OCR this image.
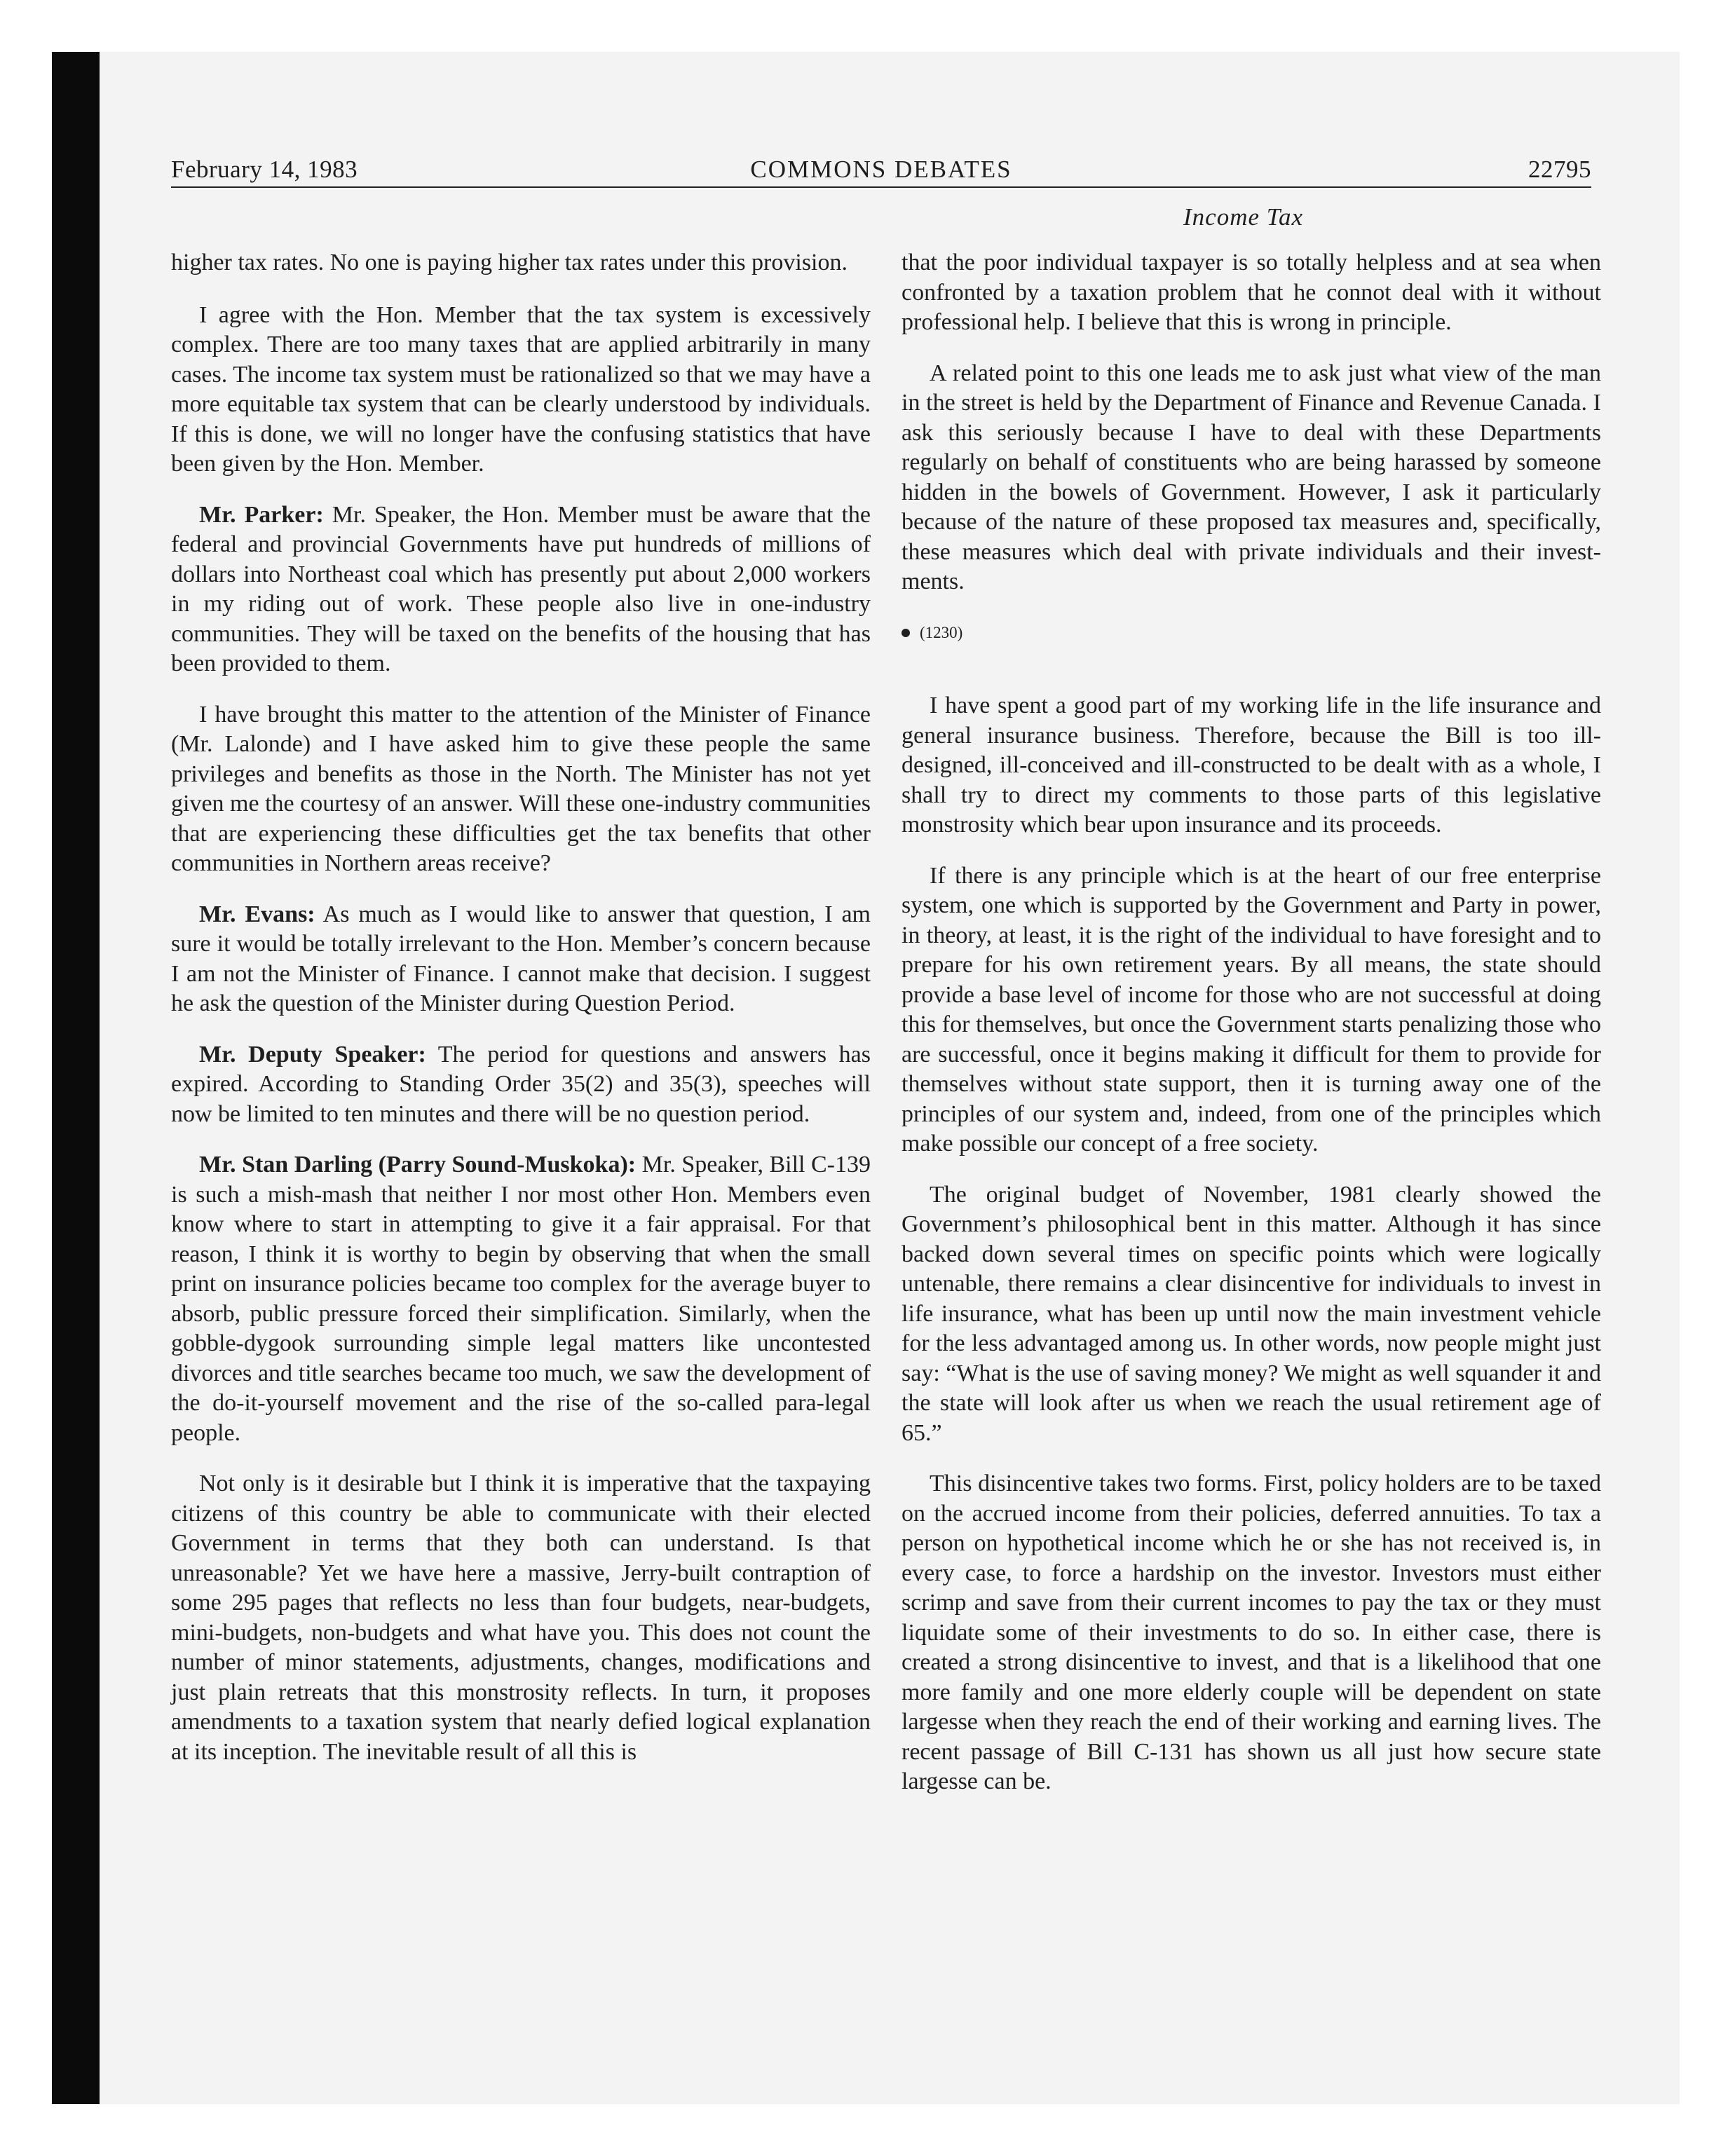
February 14, 1983	COMMONS DEBATES	22795
Income Tax

higher tax rates. No one is paying higher tax rates under this provision.

I agree with the Hon. Member that the tax system is excessively complex. There are too many taxes that are applied arbitrarily in many cases. The income tax system must be rationalized so that we may have a more equitable tax system that can be clearly understood by individuals. If this is done, we will no longer have the confusing statistics that have been given by the Hon. Member.

Mr. Parker: Mr. Speaker, the Hon. Member must be aware that the federal and provincial Governments have put hundreds of millions of dollars into Northeast coal which has presently put about 2,000 workers in my riding out of work. These people also live in one-industry communities. They will be taxed on the benefits of the housing that has been provided to them.

I have brought this matter to the attention of the Minister of Finance (Mr. Lalonde) and I have asked him to give these people the same privileges and benefits as those in the North. The Minister has not yet given me the courtesy of an answer. Will these one-industry communities that are experiencing these difficulties get the tax benefits that other communities in Northern areas receive?

Mr. Evans: As much as I would like to answer that question, I am sure it would be totally irrelevant to the Hon. Member’s concern because I am not the Minister of Finance. I cannot make that decision. I suggest he ask the question of the Minister during Question Period.

Mr. Deputy Speaker: The period for questions and answers has expired. According to Standing Order 35(2) and 35(3), speeches will now be limited to ten minutes and there will be no question period.

Mr. Stan Darling (Parry Sound-Muskoka): Mr. Speaker, Bill C-139 is such a mish-mash that neither I nor most other Hon. Members even know where to start in attempting to give it a fair appraisal. For that reason, I think it is worthy to begin by observing that when the small print on insurance policies became too complex for the average buyer to absorb, public pressure forced their simplification. Similarly, when the gobble-dygook surrounding simple legal matters like uncontested divorces and title searches became too much, we saw the development of the do-it-yourself movement and the rise of the so-called para-legal people.

Not only is it desirable but I think it is imperative that the taxpaying citizens of this country be able to communicate with their elected Government in terms that they both can understand. Is that unreasonable? Yet we have here a massive, Jerry-built contraption of some 295 pages that reflects no less than four budgets, near-budgets, mini-budgets, non-budgets and what have you. This does not count the number of minor statements, adjustments, changes, modifications and just plain retreats that this monstrosity reflects. In turn, it proposes amendments to a taxation system that nearly defied logical explanation at its inception. The inevitable result of all this is

that the poor individual taxpayer is so totally helpless and at sea when confronted by a taxation problem that he connot deal with it without professional help. I believe that this is wrong in principle.

A related point to this one leads me to ask just what view of the man in the street is held by the Department of Finance and Revenue Canada. I ask this seriously because I have to deal with these Departments regularly on behalf of constituents who are being harassed by someone hidden in the bowels of Government. However, I ask it particularly because of the nature of these proposed tax measures and, specifically, these measures which deal with private individuals and their investments.

(1230)

I have spent a good part of my working life in the life insurance and general insurance business. Therefore, because the Bill is too ill-designed, ill-conceived and ill-constructed to be dealt with as a whole, I shall try to direct my comments to those parts of this legislative monstrosity which bear upon insurance and its proceeds.

If there is any principle which is at the heart of our free enterprise system, one which is supported by the Government and Party in power, in theory, at least, it is the right of the individual to have foresight and to prepare for his own retirement years. By all means, the state should provide a base level of income for those who are not successful at doing this for themselves, but once the Government starts penalizing those who are successful, once it begins making it difficult for them to provide for themselves without state support, then it is turning away one of the principles of our system and, indeed, from one of the principles which make possible our concept of a free society.

The original budget of November, 1981 clearly showed the Government’s philosophical bent in this matter. Although it has since backed down several times on specific points which were logically untenable, there remains a clear disincentive for individuals to invest in life insurance, what has been up until now the main investment vehicle for the less advantaged among us. In other words, now people might just say: “What is the use of saving money? We might as well squander it and the state will look after us when we reach the usual retirement age of 65.”

This disincentive takes two forms. First, policy holders are to be taxed on the accrued income from their policies, deferred annuities. To tax a person on hypothetical income which he or she has not received is, in every case, to force a hardship on the investor. Investors must either scrimp and save from their current incomes to pay the tax or they must liquidate some of their investments to do so. In either case, there is created a strong disincentive to invest, and that is a likelihood that one more family and one more elderly couple will be dependent on state largesse when they reach the end of their working and earning lives. The recent passage of Bill C-131 has shown us all just how secure state largesse can be.
